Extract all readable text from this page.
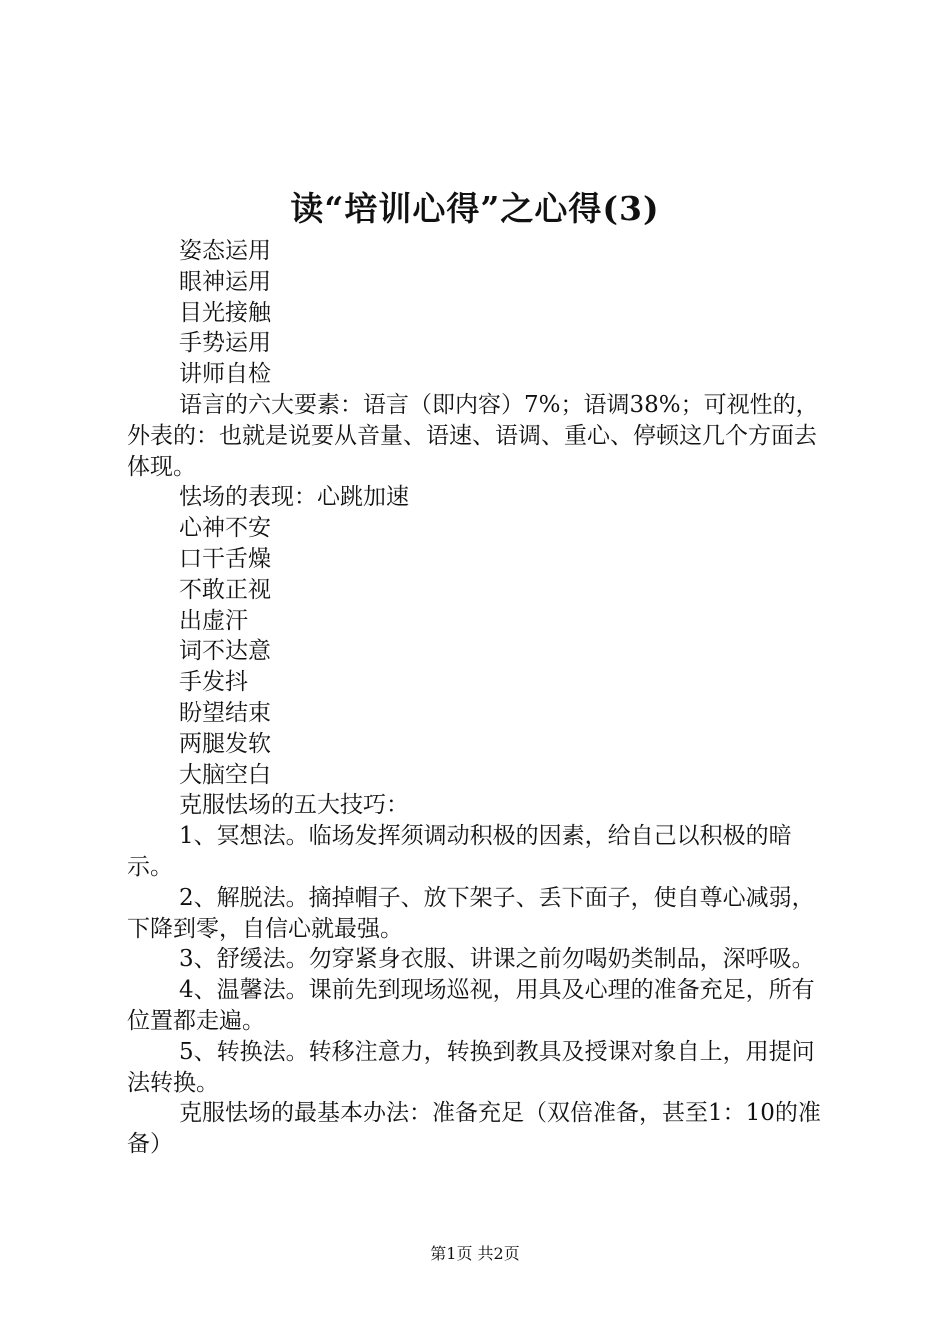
读“培训心得”之心得(3)

姿态运用

眼神运用

目光接触

手势运用

讲师自检

语言的六大要素：语言（即内容）7%；语调38%；可视性的，外表的：也就是说要从音量、语速、语调、重心、停顿这几个方面去体现。

怯场的表现：心跳加速

心神不安

口干舌燥

不敢正视

出虚汗

词不达意

手发抖

盼望结束

两腿发软

大脑空白

克服怯场的五大技巧：

1、冥想法。临场发挥须调动积极的因素，给自己以积极的暗示。

2、解脱法。摘掉帽子、放下架子、丢下面子，使自尊心减弱，下降到零，自信心就最强。

3、舒缓法。勿穿紧身衣服、讲课之前勿喝奶类制品，深呼吸。

4、温馨法。课前先到现场巡视，用具及心理的准备充足，所有位置都走遍。

5、转换法。转移注意力，转换到教具及授课对象自上，用提问法转换。

克服怯场的最基本办法：准备充足（双倍准备，甚至1：10的准备）

第1页 共2页
